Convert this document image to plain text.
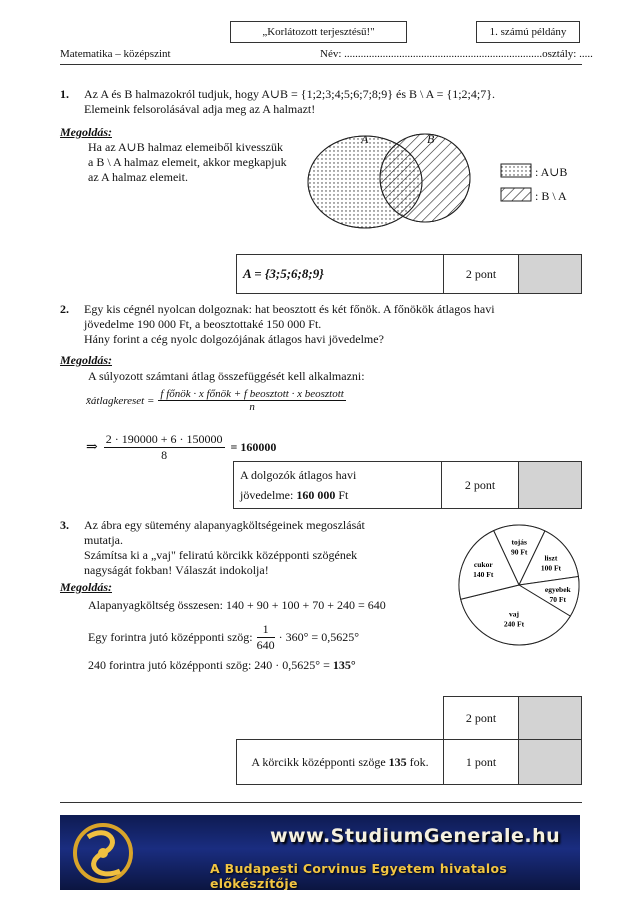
„Korlátozott terjesztésű!"	1. számú példány
Matematika – középszint	Név: ........................................................................osztály: .....
1. Az A és B halmazokról tudjuk, hogy A∪B = {1;2;3;4;5;6;7;8;9} és B \ A = {1;2;4;7}.
Elemeink felsorolásával adja meg az A halmazt!
Megoldás:
Ha az A∪B halmaz elemeiből kivesszük
a B \ A halmaz elemeit, akkor megkapjuk
az A halmaz elemeit.
A	B
: A∪B
: B \ A
A = {3;5;6;8;9}	2 pont	
2. Egy kis cégnél nyolcan dolgoznak: hat beosztott és két főnök. A főnökök átlagos havi
jövedelme 190 000 Ft, a beosztottaké 150 000 Ft.
Hány forint a cég nyolc dolgozójának átlagos havi jövedelme?
Megoldás:
A súlyozott számtani átlag összefüggését kell alkalmazni:
x̄átlagkereset = $\frac{\text{f főnök · x főnök + f beosztott · x beosztott}}{n}$
⇒ $\frac{2 \cdot 190000 + 6 \cdot 150000}{8} = 160000$
A dolgozók átlagos havi
jövedelme: 160 000 Ft
	2 pont	
3. Az ábra egy sütemény alapanyagköltségeinek megoszlását
mutatja.
Számítsa ki a „vaj" feliratú körcikk középponti szögének
nagyságát fokban! Válaszát indokolja!
tojás
90 Ft
liszt
100 Ft
egyebek
70 Ft
vaj
240 Ft
cukor
140 Ft
Megoldás:
Alapanyagköltség összesen: 140 + 90 + 100 + 70 + 240 = 640
Egy forintra jutó középponti szög: $\frac{1}{640} \cdot 360^\circ = 0,5625^\circ$
240 forintra jutó középponti szög: 240 · 0,5625° = 135°
	2 pont	
A körcikk középponti szöge 135 fok.	1 pont	
www.StudiumGenerale.hu
A Budapesti Corvinus Egyetem hivatalos előkészítője
